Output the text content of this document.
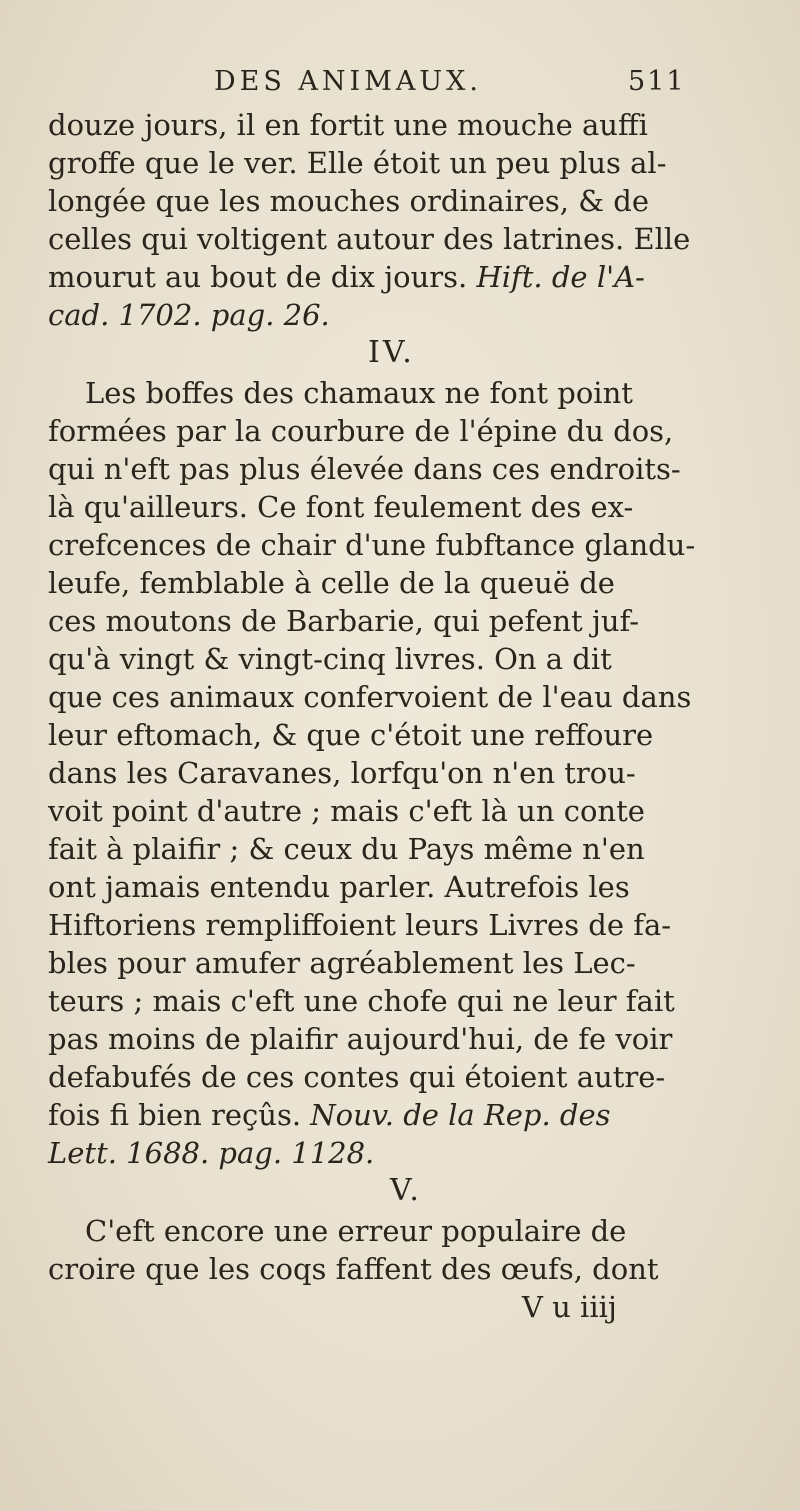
DES ANIMAUX.	511
douze jours, il en fortit une mouche auffi
groffe que le ver. Elle étoit un peu plus al-
longée que les mouches ordinaires, & de
celles qui voltigent autour des latrines. Elle
mourut au bout de dix jours. Hift. de l'A-
cad. 1702. pag. 26.
IV.
Les boffes des chamaux ne font point
formées par la courbure de l'épine du dos,
qui n'eft pas plus élevée dans ces endroits-
là qu'ailleurs. Ce font feulement des ex-
crefcences de chair d'une fubftance glandu-
leufe, femblable à celle de la queuë de
ces moutons de Barbarie, qui pefent juf-
qu'à vingt & vingt-cinq livres. On a dit
que ces animaux confervoient de l'eau dans
leur eftomach, & que c'étoit une reffoure
dans les Caravanes, lorfqu'on n'en trou-
voit point d'autre ; mais c'eft là un conte
fait à plaifir ; & ceux du Pays même n'en
ont jamais entendu parler. Autrefois les
Hiftoriens rempliffoient leurs Livres de fa-
bles pour amufer agréablement les Lec-
teurs ; mais c'eft une chofe qui ne leur fait
pas moins de plaifir aujourd'hui, de fe voir
defabufés de ces contes qui étoient autre-
fois fi bien reçûs. Nouv. de la Rep. des
Lett. 1688. pag. 1128.
V.
C'eft encore une erreur populaire de
croire que les coqs faffent des œufs, dont
V u iiij
